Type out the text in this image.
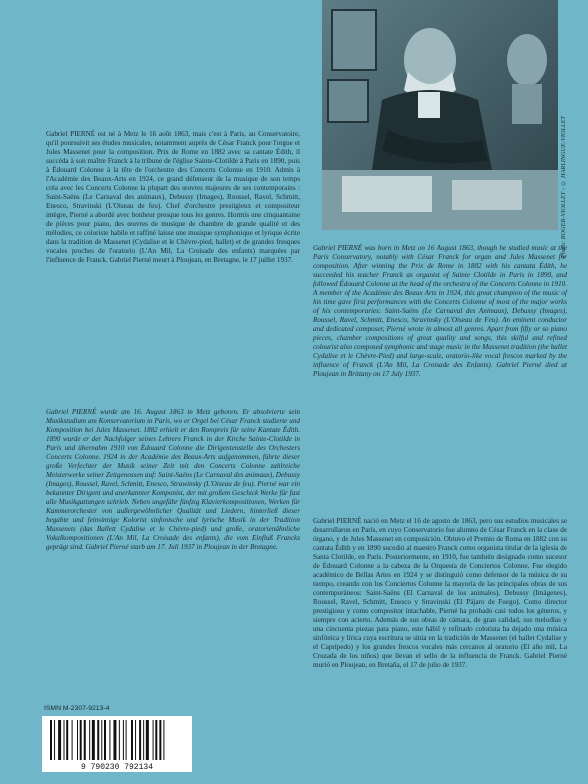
Photo: ROGER-VIOLLET - © HARLINGUE-VIOLLET

Gabriel PIERNÉ est né à Metz le 16 août 1863, mais c'est à Paris, au Conservatoire, qu'il poursuivit ses études musicales, notamment auprès de César Franck pour l'orgue et Jules Massenet pour la composition. Prix de Rome en 1882 avec sa cantate Édith, il succéda à son maître Franck à la tribune de l'église Sainte-Clotilde à Paris en 1890, puis à Édouard Colonne à la tête de l'orchestre des Concerts Colonne en 1910. Admis à l'Académie des Beaux-Arts en 1924, ce grand défenseur de la musique de son temps créa avec les Concerts Colonne la plupart des œuvres majeures de ses contemporains : Saint-Saëns (Le Carnaval des animaux), Debussy (Images), Roussel, Ravel, Schmitt, Enesco, Stravinski (L'Oiseau de feu). Chef d'orchestre prestigieux et compositeur intègre, Pierné a abordé avec bonheur presque tous les genres. Hormis une cinquantaine de pièces pour piano, des œuvres de musique de chambre de grande qualité et des mélodies, ce coloriste habile et raffiné laisse une musique symphonique et lyrique écrite dans la tradition de Massenet (Cydalise et le Chèvre-pied, ballet) et de grandes fresques vocales proches de l'oratorio (L'An Mil, La Croisade des enfants) marquées par l'influence de Franck. Gabriel Pierné meurt à Ploujean, en Bretagne, le 17 juillet 1937.

Gabriel PIERNÉ was born in Metz on 16 August 1863, though he studied music at the Paris Conservatory, notably with César Franck for organ and Jules Massenet for composition. After winning the Prix de Rome in 1882 with his cantata Édith, he succeeded his teacher Franck as organist of Sainte Clotilde in Paris in 1890, and followed Édouard Colonne at the head of the orchestra of the Concerts Colonne in 1910. A member of the Académie des Beaux Arts in 1924, this great champion of the music of his time gave first performances with the Concerts Colonne of most of the major works of his contemporaries: Saint-Saëns (Le Carnaval des Animaux), Debussy (Images), Roussel, Ravel, Schmitt, Enesco, Stravinsky (L'Oiseau de Feu). An eminent conductor and dedicated composer, Pierné wrote in almost all genres. Apart from fifty or so piano pieces, chamber compositions of great quality and songs, this skilful and refined colourist also composed symphonic and stage music in the Massenet tradition (the ballet Cydalise et le Chèvre-Pied) and large-scale, oratorio-like vocal frescos marked by the influence of Franck (L'An Mil, La Croisade des Enfants). Gabriel Pierné died at Ploujean in Brittany on 17 July 1937.

Gabriel PIERNÉ wurde am 16. August 1863 in Metz geboren. Er absolvierte sein Musikstudium am Konservatorium in Paris, wo er Orgel bei César Franck studierte und Komposition bei Jules Massenet. 1882 erhielt er den Rompreis für seine Kantate Édith. 1890 wurde er der Nachfolger seines Lehrers Franck in der Kirche Sainte-Clotilde in Paris und übernahm 1910 von Édouard Colonne die Dirigentenstelle des Orchesters Concerts Colonne. 1924 in der Académie des Beaux-Arts aufgenommen, führte dieser große Verfechter der Musik seiner Zeit mit den Concerts Colonne zahlreiche Meisterwerke seiner Zeitgenossen auf: Saint-Saëns (Le Carnaval des animaux), Debussy (Images), Roussel, Ravel, Schmitt, Enesco, Strawinsky (L'Oiseau de feu). Pierné war ein bekannter Dirigent und anerkannter Komponist, der mit großem Geschick Werke für fast alle Musikgattungen schrieb. Neben ungefähr fünfzig Klavierkompositionen, Werken für Kammerorchester von außergewöhnlicher Qualität und Liedern, hinterließ dieser begabte und feinsinnige Kolorist sinfonische und lyrische Musik in der Tradition Massenets (das Ballett Cydalise et le Chèvre-pied) und große, oratorienähnliche Vokalkompositionen (L'An Mil, La Croisade des enfants), die vom Einfluß Francks geprägt sind. Gabriel Pierné starb am 17. Juli 1937 in Ploujean in der Bretagne.

Gabriel PIERNÉ nació en Metz el 16 de agosto de 1863, pero sus estudios musicales se desarrollaron en París, en cuyo Conservatorio fue alumno de César Franck en la clase de órgano, y de Jules Massenet en composición. Obtuvo el Premio de Roma en 1882 con su cantata Édith y en 1890 sucedió al maestro Franck como organista titular de la iglesia de Santa Clotilde, en París. Posteriormente, en 1910, fue también designado como sucesor de Édouard Colonne a la cabeza de la Orquesta de Conciertos Colonne. Fue elegido académico de Bellas Artes en 1924 y se distinguió como defensor de la música de su tiempo, creando con los Conciertos Colonne la mayoría de las principales obras de sus contemporáneos: Saint-Saëns (El Carnaval de los animales), Debussy (Imágenes), Roussel, Ravel, Schmitt, Enesco y Stravinski (El Pájaro de Fuego). Como director prestigioso y como compositor íntachable, Pierné ha probado casi todos los géneros, y siempre con acierto. Además de sus obras de cámara, de gran calidad, sus melodías y una cincuenta piezas para piano, este hábil y refinado colorista ha dejado una música sinfónica y lírica cuya escritura se sitúa en la tradición de Massenet (el ballet Cydalise y el Caprípedo) y los grandes frescos vocales más cercanos al oratorio (El año mil, La Cruzada de los niños) que llevan el sello de la influencia de Franck. Gabriel Pierné murió en Ploujean, en Bretaña, el 17 de julio de 1937.

ISMN M-2307-9213-4
9 790230 792134
